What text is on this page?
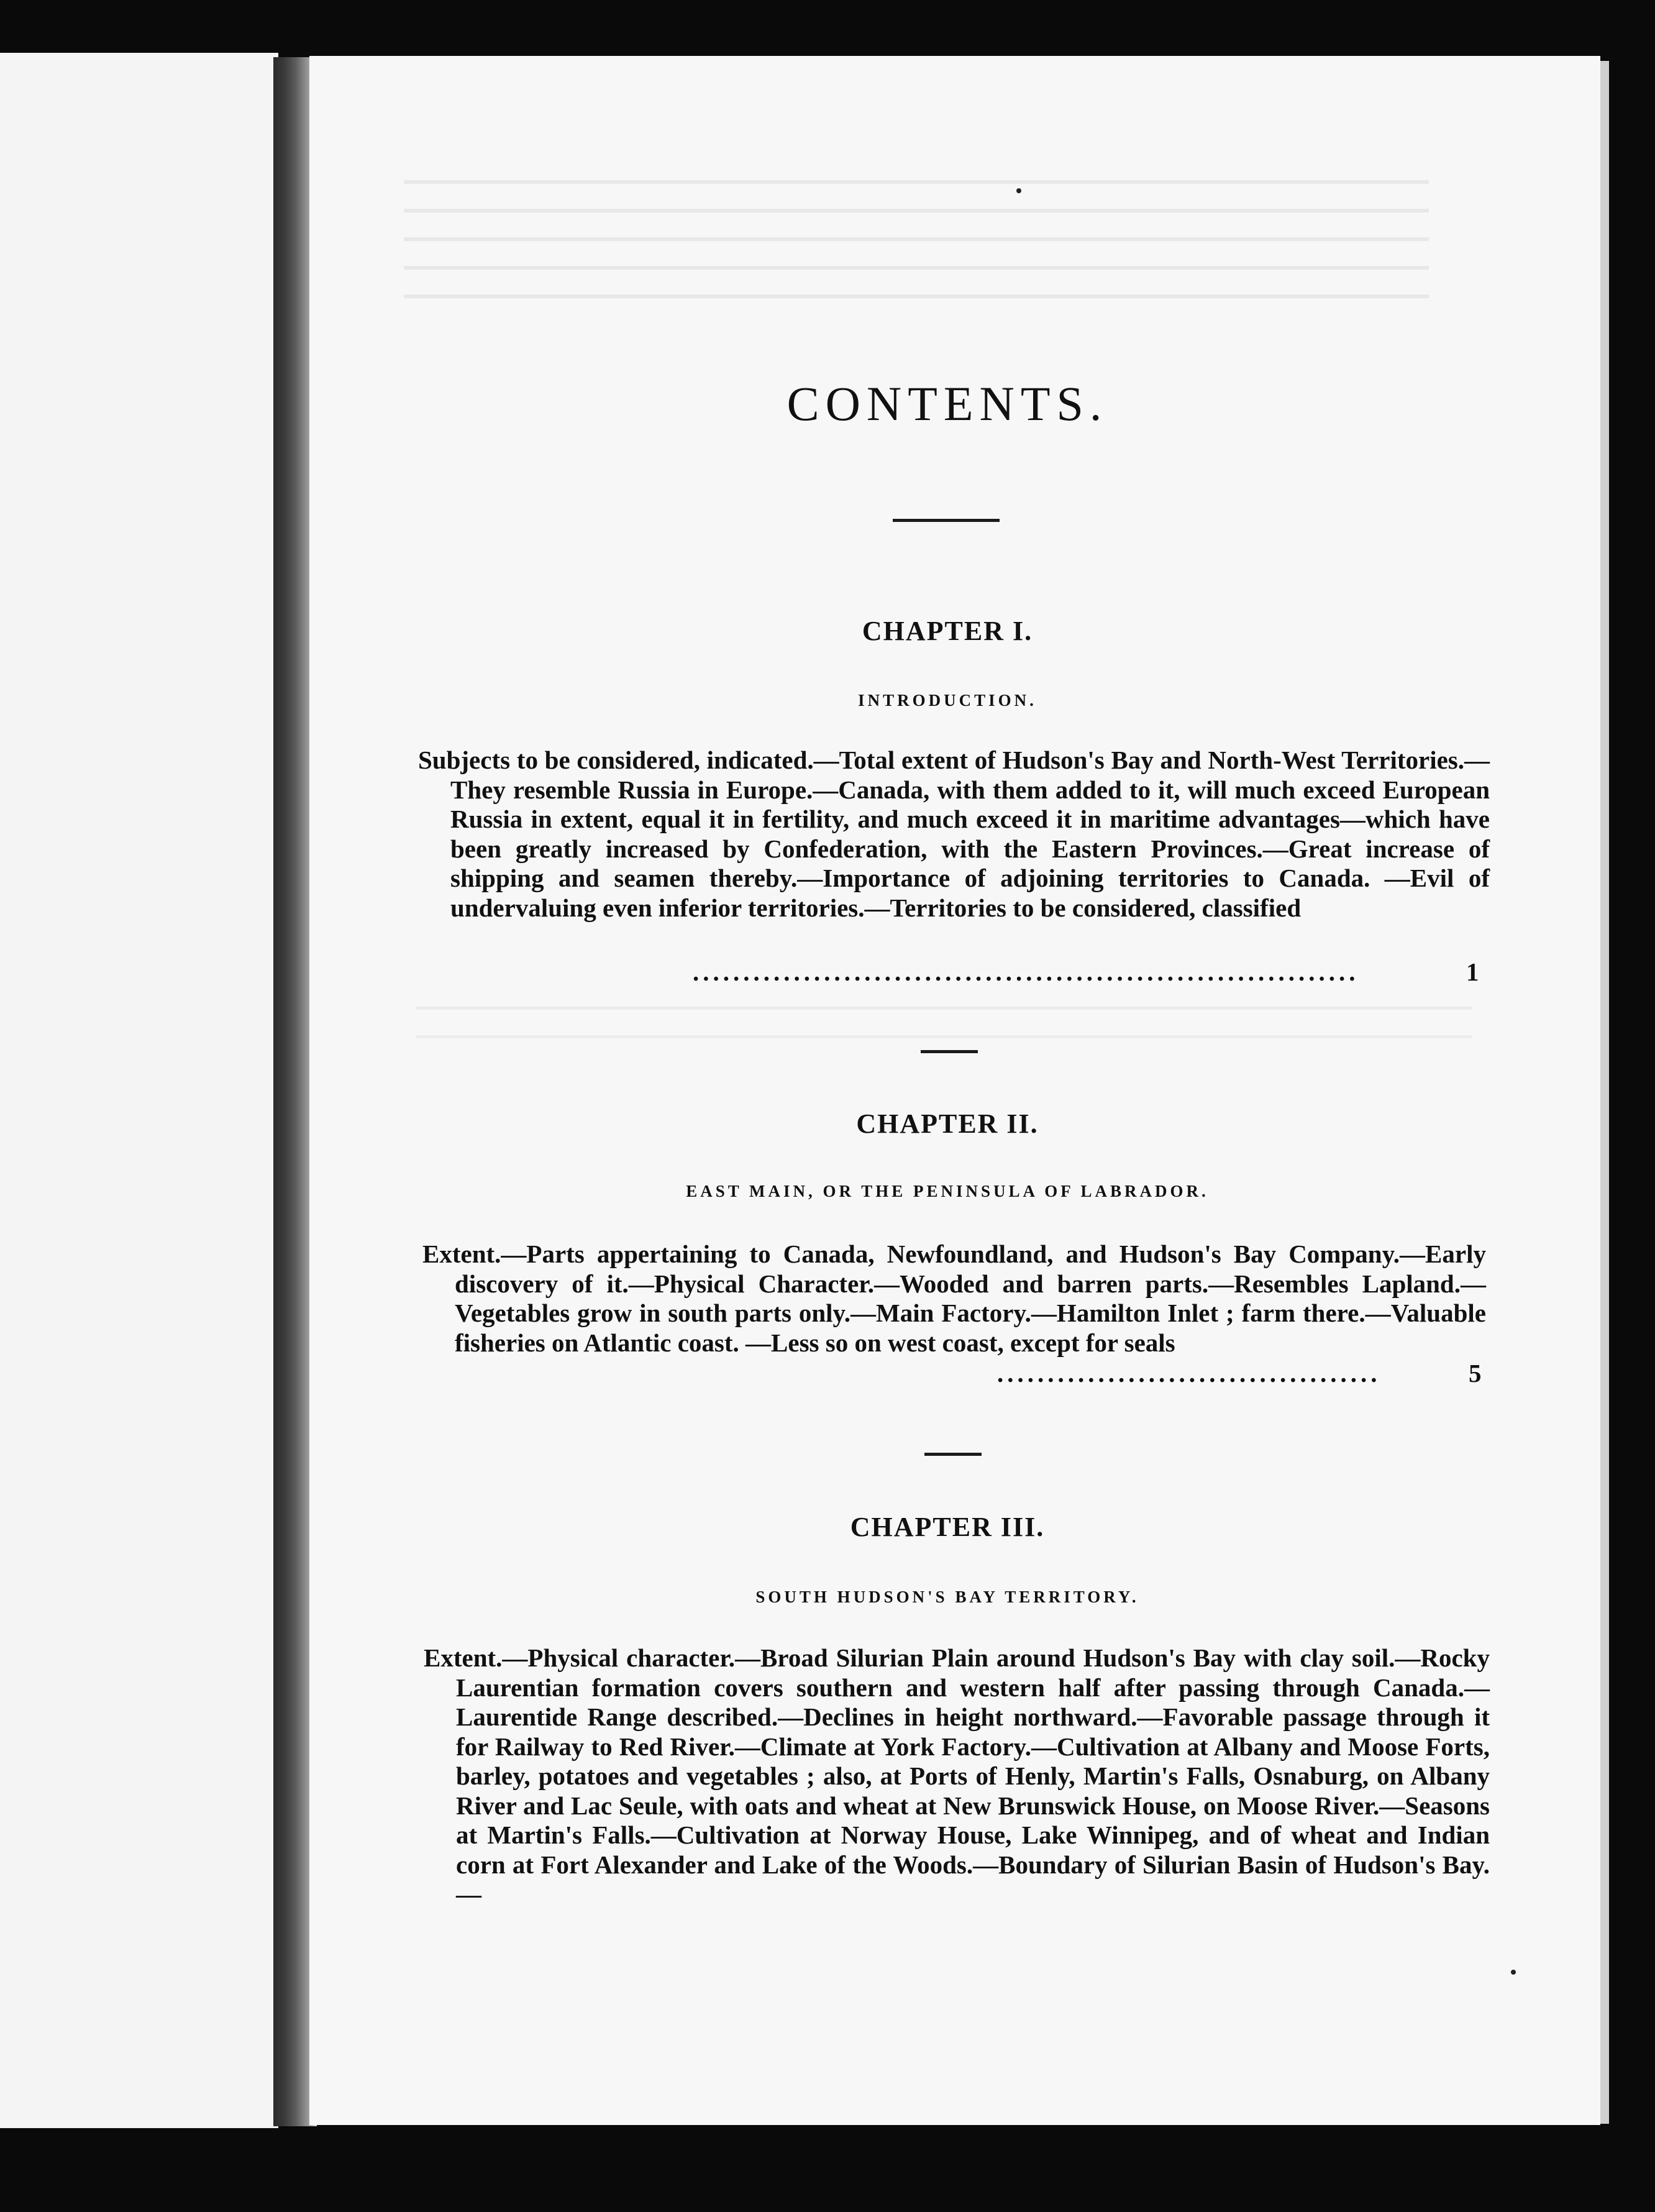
CONTENTS.
CHAPTER I.
INTRODUCTION.

Subjects to be considered, indicated.—Total extent of Hudson's Bay and North-West Territories.—They resemble Russia in Europe.—Canada, with them added to it, will much exceed European Russia in extent, equal it in fertility, and much exceed it in maritime advantages—which have been greatly increased by Confederation, with the Eastern Provinces.—Great increase of shipping and seamen thereby.—Importance of adjoining territories to Canada. —Evil of undervaluing even inferior territories.—Territories to be considered, classified

..................................................................	1
CHAPTER II.
EAST MAIN, OR THE PENINSULA OF LABRADOR.

Extent.—Parts appertaining to Canada, Newfoundland, and Hudson's Bay Company.—Early discovery of it.—Physical Character.—Wooded and barren parts.—Resembles Lapland.—Vegetables grow in south parts only.—Main Factory.—Hamilton Inlet ; farm there.—Valuable fisheries on Atlantic coast. —Less so on west coast, except for seals

......................................	5
CHAPTER III.
SOUTH HUDSON'S BAY TERRITORY.

Extent.—Physical character.—Broad Silurian Plain around Hudson's Bay with clay soil.—Rocky Laurentian formation covers southern and western half after passing through Canada.—Laurentide Range described.—Declines in height northward.—Favorable passage through it for Railway to Red River.—Climate at York Factory.—Cultivation at Albany and Moose Forts, barley, potatoes and vegetables ; also, at Ports of Henly, Martin's Falls, Osnaburg, on Albany River and Lac Seule, with oats and wheat at New Brunswick House, on Moose River.—Seasons at Martin's Falls.—Cultivation at Norway House, Lake Winnipeg, and of wheat and Indian corn at Fort Alexander and Lake of the Woods.—Boundary of Silurian Basin of Hudson's Bay.—
